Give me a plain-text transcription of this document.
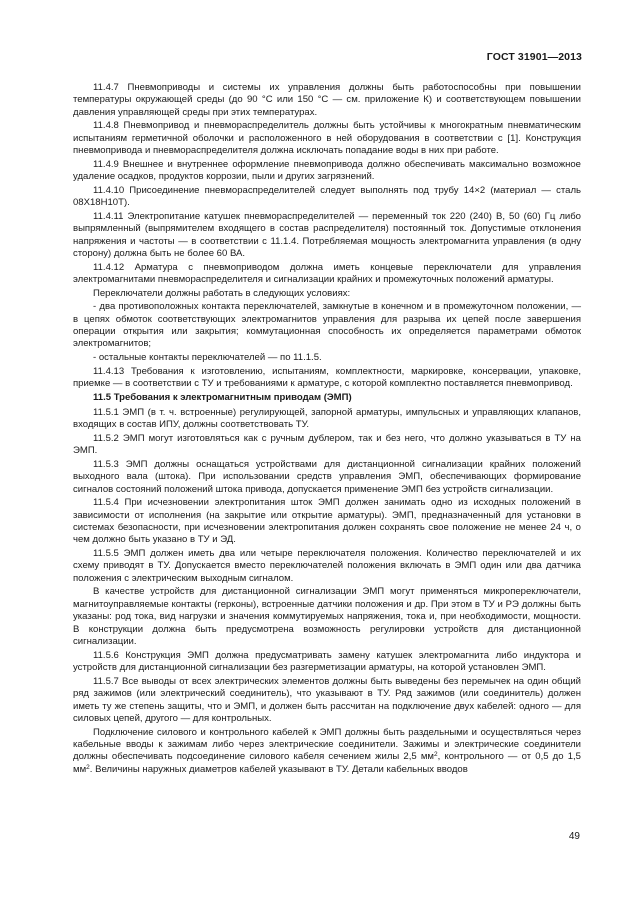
ГОСТ 31901—2013

11.4.7 Пневмоприводы и системы их управления должны быть работоспособны при повышении температуры окружающей среды (до 90 °С или 150 °С — см. приложение К) и соответствующем повышении давления управляющей среды при этих температурах.

11.4.8 Пневмопривод и пневмораспределитель должны быть устойчивы к многократным пневматическим испытаниям герметичной оболочки и расположенного в ней оборудования в соответствии с [1]. Конструкция пневмопривода и пневмораспределителя должна исключать попадание воды в них при работе.

11.4.9 Внешнее и внутреннее оформление пневмопривода должно обеспечивать максимально возможное удаление осадков, продуктов коррозии, пыли и других загрязнений.

11.4.10 Присоединение пневмораспределителей следует выполнять под трубу 14×2 (материал — сталь 08Х18Н10Т).

11.4.11 Электропитание катушек пневмораспределителей — переменный ток 220 (240) В, 50 (60) Гц либо выпрямленный (выпрямителем входящего в состав распределителя) постоянный ток. Допустимые отклонения напряжения и частоты — в соответствии с 11.1.4. Потребляемая мощность электромагнита управления (в одну сторону) должна быть не более 60 ВА.

11.4.12 Арматура с пневмоприводом должна иметь концевые переключатели для управления электромагнитами пневмораспределителя и сигнализации крайних и промежуточных положений арматуры.

Переключатели должны работать в следующих условиях:

- два противоположных контакта переключателей, замкнутые в конечном и в промежуточном положении, — в цепях обмоток соответствующих электромагнитов управления для разрыва их цепей после завершения операции открытия или закрытия; коммутационная способность их определяется параметрами обмоток электромагнитов;

- остальные контакты переключателей — по 11.1.5.

11.4.13 Требования к изготовлению, испытаниям, комплектности, маркировке, консервации, упаковке, приемке — в соответствии с ТУ и требованиями к арматуре, с которой комплектно поставляется пневмопривод.

11.5 Требования к электромагнитным приводам (ЭМП)

11.5.1 ЭМП (в т. ч. встроенные) регулирующей, запорной арматуры, импульсных и управляющих клапанов, входящих в состав ИПУ, должны соответствовать ТУ.

11.5.2 ЭМП могут изготовляться как с ручным дублером, так и без него, что должно указываться в ТУ на ЭМП.

11.5.3 ЭМП должны оснащаться устройствами для дистанционной сигнализации крайних положений выходного вала (штока). При использовании средств управления ЭМП, обеспечивающих формирование сигналов состояний положений штока привода, допускается применение ЭМП без устройств сигнализации.

11.5.4 При исчезновении электропитания шток ЭМП должен занимать одно из исходных положений в зависимости от исполнения (на закрытие или открытие арматуры). ЭМП, предназначенный для установки в системах безопасности, при исчезновении электропитания должен сохранять свое положение не менее 24 ч, о чем должно быть указано в ТУ и ЭД.

11.5.5 ЭМП должен иметь два или четыре переключателя положения. Количество переключателей и их схему приводят в ТУ. Допускается вместо переключателей положения включать в ЭМП один или два датчика положения с электрическим выходным сигналом.

В качестве устройств для дистанционной сигнализации ЭМП могут применяться микропереключатели, магнитоуправляемые контакты (герконы), встроенные датчики положения и др. При этом в ТУ и РЭ должны быть указаны: род тока, вид нагрузки и значения коммутируемых напряжения, тока и, при необходимости, мощности. В конструкции должна быть предусмотрена возможность регулировки устройств для дистанционной сигнализации.

11.5.6 Конструкция ЭМП должна предусматривать замену катушек электромагнита либо индуктора и устройств для дистанционной сигнализации без разгерметизации арматуры, на которой установлен ЭМП.

11.5.7 Все выводы от всех электрических элементов должны быть выведены без перемычек на один общий ряд зажимов (или электрический соединитель), что указывают в ТУ. Ряд зажимов (или соединитель) должен иметь ту же степень защиты, что и ЭМП, и должен быть рассчитан на подключение двух кабелей: одного — для силовых цепей, другого — для контрольных.

Подключение силового и контрольного кабелей к ЭМП должны быть раздельными и осуществляться через кабельные вводы к зажимам либо через электрические соединители. Зажимы и электрические соединители должны обеспечивать подсоединение силового кабеля сечением жилы 2,5 $мм^2$, контрольного — от 0,5 до 1,5 $мм^2$. Величины наружных диаметров кабелей указывают в ТУ. Детали кабельных вводов

49
